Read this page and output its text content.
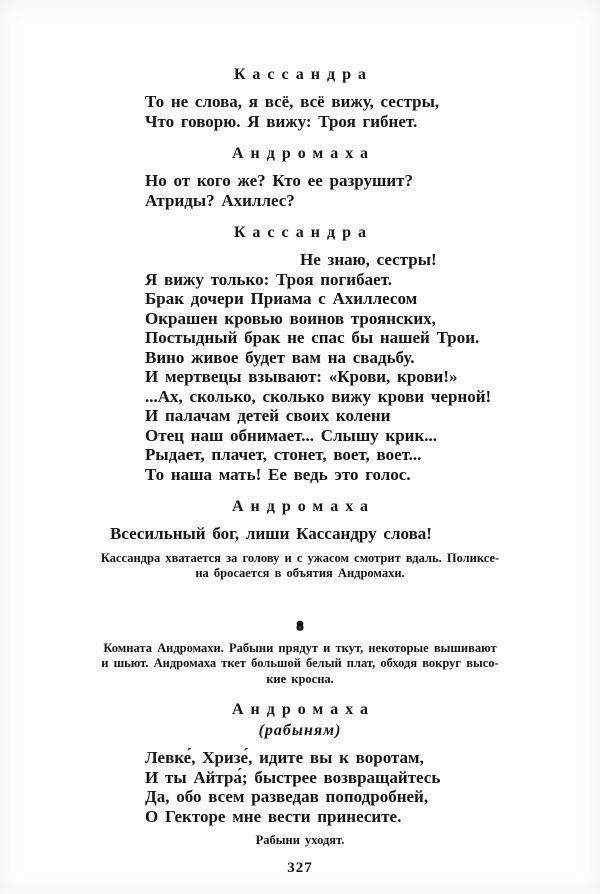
Кассандра
То не слова, я всё, всё вижу, сестры,
Что говорю. Я вижу: Троя гибнет.
Андромаха
Но от кого же? Кто ее разрушит?
Атриды? Ахиллес?
Кассандра
Не знаю, сестры!
Я вижу только: Троя погибает.
Брак дочери Приама с Ахиллесом
Окрашен кровью воинов троянских,
Постыдный брак не спас бы нашей Трои.
Вино живое будет вам на свадьбу.
И мертвецы взывают: «Крови, крови!»
...Ах, сколько, сколько вижу крови черной!
И палачам детей своих колени
Отец наш обнимает... Слышу крик...
Рыдает, плачет, стонет, воет, воет...
То наша мать! Ее ведь это голос.
Андромаха
Всесильный бог, лиши Кассандру слова!
Кассандра хватается за голову и с ужасом смотрит вдаль. Поликсе-
на бросается в объятия Андромахи.
8
Комната Андромахи. Рабыни прядут и ткут, некоторые вышивают
и шьют. Андромаха ткет большой белый плат, обходя вокруг высо-
кие кросна.
Андромаха
(рабыням)
Левке́, Хризе́, идите вы к воротам,
И ты Айтра́; быстрее возвращайтесь
Да, обо всем разведав поподробней,
О Гекторе мне вести принесите.
Рабыни уходят.
327
